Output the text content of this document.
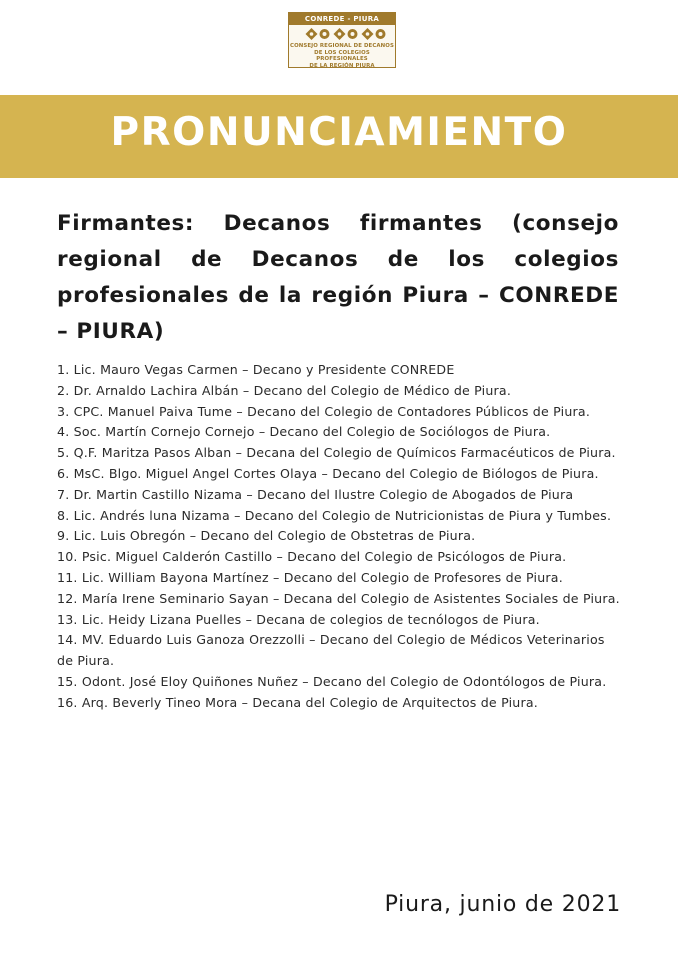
CONREDE - PIURA
CONSEJO REGIONAL DE DECANOS
DE LOS COLEGIOS PROFESIONALES
DE LA REGIÓN PIURA
PRONUNCIAMIENTO
Firmantes: Decanos firmantes (consejo regional de Decanos de los colegios profesionales de la región Piura – CONREDE – PIURA)
1. Lic. Mauro Vegas Carmen – Decano y Presidente CONREDE
2. Dr. Arnaldo Lachira Albán – Decano del Colegio de Médico de Piura.
3. CPC. Manuel Paiva Tume – Decano del Colegio de Contadores Públicos de Piura.
4. Soc. Martín Cornejo Cornejo – Decano del Colegio de Sociólogos de Piura.
5. Q.F. Maritza Pasos Alban – Decana del Colegio de Químicos Farmacéuticos de Piura.
6. MsC. Blgo. Miguel Angel Cortes Olaya – Decano del Colegio de Biólogos de Piura.
7. Dr. Martin Castillo Nizama – Decano del Ilustre Colegio de Abogados de Piura
8. Lic. Andrés luna Nizama – Decano del Colegio de Nutricionistas de Piura y Tumbes.
9. Lic. Luis Obregón – Decano del Colegio de Obstetras de Piura.
10. Psic. Miguel Calderón Castillo – Decano del Colegio de Psicólogos de Piura.
11. Lic. William Bayona Martínez – Decano del Colegio de Profesores de Piura.
12. María Irene Seminario Sayan – Decana del Colegio de Asistentes Sociales de Piura.
13. Lic. Heidy Lizana Puelles – Decana de colegios de tecnólogos de Piura.
14. MV. Eduardo Luis Ganoza Orezzolli – Decano del Colegio de Médicos Veterinarios de Piura.
15. Odont. José Eloy Quiñones Nuñez – Decano del Colegio de Odontólogos de Piura.
16. Arq. Beverly Tineo Mora – Decana del Colegio de Arquitectos de Piura.
Piura, junio de 2021
